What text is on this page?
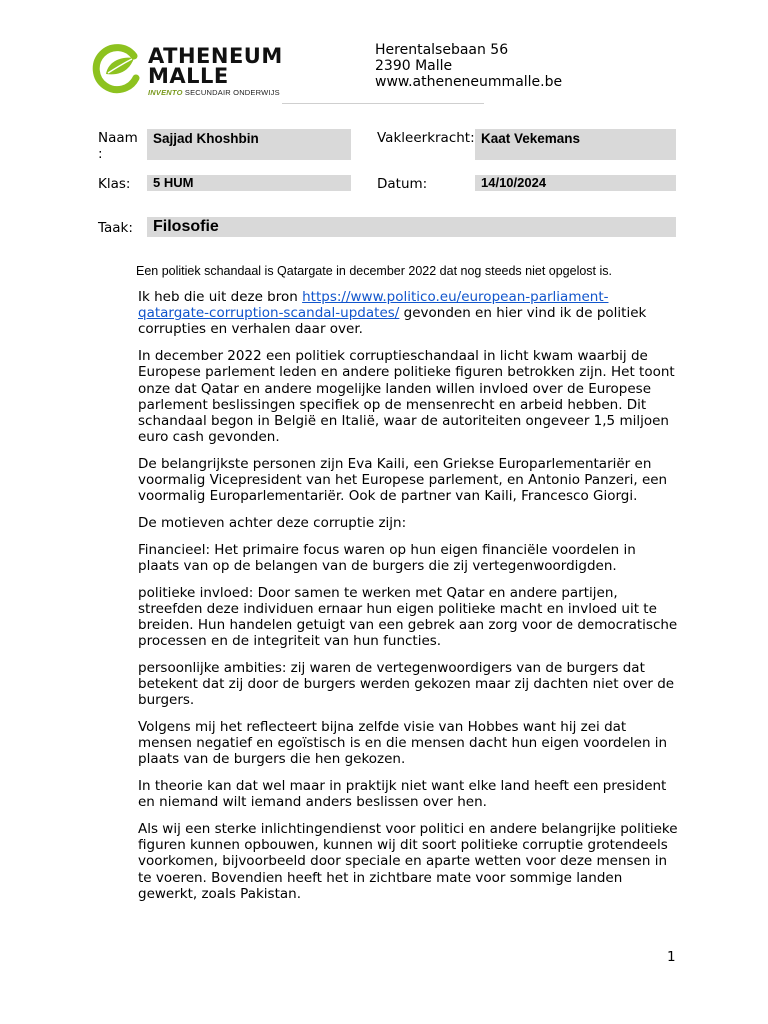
ATHENEUM
MALLE
INVENTO SECUNDAIR ONDERWIJS
Herentalsebaan 56
2390 Malle
www.atheneneummalle.be
Naam
:
Sajjad Khoshbin	Vakleerkracht: Kaat Vekemans
Klas:	5 HUM	Datum:	14/10/2024
Taak:	Filosofie
Een politiek schandaal is Qatargate in december 2022 dat nog steeds niet opgelost is.

Ik heb die uit deze bron https://www.politico.eu/european-parliament-
qatargate-corruption-scandal-updates/ gevonden en hier vind ik de politiek corrupties en verhalen daar over.

In december 2022 een politiek corruptieschandaal in licht kwam waarbij de Europese parlement leden en andere politieke figuren betrokken zijn. Het toont onze dat Qatar en andere mogelijke landen willen invloed over de Europese parlement beslissingen specifiek op de mensenrecht en arbeid hebben. Dit schandaal begon in België en Italië, waar de autoriteiten ongeveer 1,5 miljoen euro cash gevonden.

De belangrijkste personen zijn Eva Kaili, een Griekse Europarlementariër en voormalig Vicepresident van het Europese parlement, en Antonio Panzeri, een voormalig Europarlementariër. Ook de partner van Kaili, Francesco Giorgi.

De motieven achter deze corruptie zijn:

Financieel: Het primaire focus waren op hun eigen financiële voordelen in plaats van op de belangen van de burgers die zij vertegenwoordigden.

politieke invloed: Door samen te werken met Qatar en andere partijen, streefden deze individuen ernaar hun eigen politieke macht en invloed uit te breiden. Hun handelen getuigt van een gebrek aan zorg voor de democratische processen en de integriteit van hun functies.

persoonlijke ambities: zij waren de vertegenwoordigers van de burgers dat betekent dat zij door de burgers werden gekozen maar zij dachten niet over de burgers.

Volgens mij het reflecteert bijna zelfde visie van Hobbes want hij zei dat mensen negatief en egoïstisch is en die mensen dacht hun eigen voordelen in plaats van de burgers die hen gekozen.

In theorie kan dat wel maar in praktijk niet want elke land heeft een president en niemand wilt iemand anders beslissen over hen.

Als wij een sterke inlichtingendienst voor politici en andere belangrijke politieke figuren kunnen opbouwen, kunnen wij dit soort politieke corruptie grotendeels voorkomen, bijvoorbeeld door speciale en aparte wetten voor deze mensen in te voeren. Bovendien heeft het in zichtbare mate voor sommige landen gewerkt, zoals Pakistan.

1
